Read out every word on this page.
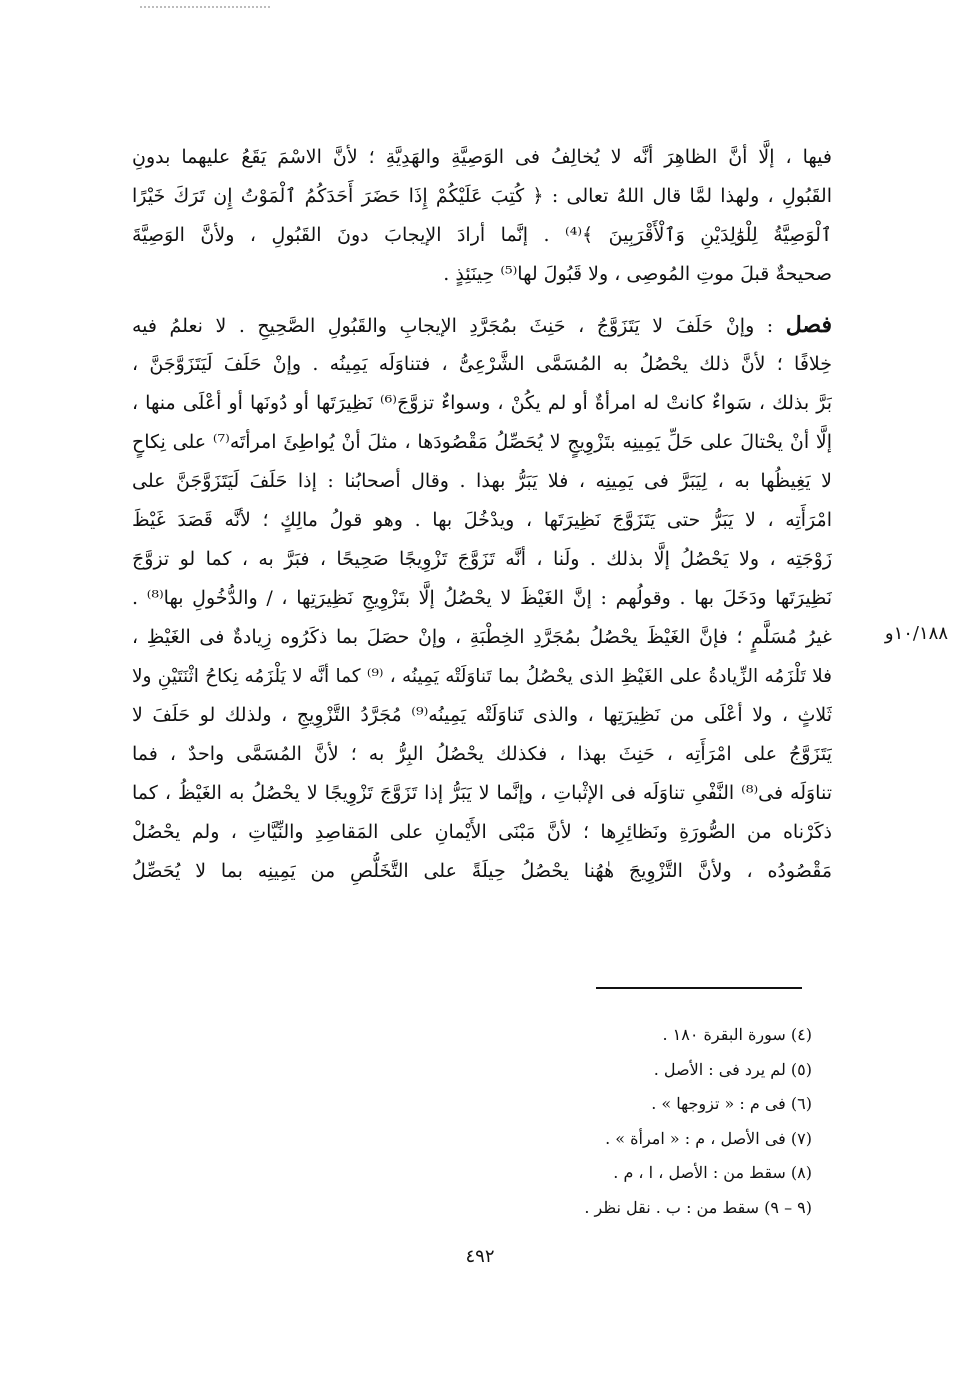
فيها ، إلَّا أنَّ الظاهِرَ أنَّه لا يُخالِفُ فى الوَصِيَّةِ والهَدِيَّةِ ؛ لأنَّ الاسْمَ يَقَعُ عليهما بدونِ
القَبُولِ ، ولهذا لمَّا قال اللهُ تعالى : ﴿ كُتِبَ عَلَيْكُمْ إِذَا حَضَرَ أَحَدَكُمُ ٱلْمَوْتُ إِن تَرَكَ خَيْرًا
ٱلْوَصِيَّةُ لِلْوَٰلِدَيْنِ وَٱلْأَقْرَبِينَ ﴾⁽⁴⁾ . إنَّما أرادَ الإيجابَ دونَ القَبُولِ ، ولأنَّ الوَصِيَّةَ
صحيحةٌ قبلَ موتِ المُوصِى ، ولا قَبُولَ لها⁽⁵⁾ حِينَئِذٍ .
فصل : وإنْ حَلَفَ لا يَتَزَوَّجُ ، حَنِثَ بمُجَرَّدِ الإيجابِ والقَبُولِ الصَّحِيحِ . لا نعلمُ فيه
خِلافًا ؛ لأنَّ ذلك يحْصُلُ به المُسَمَّى الشَّرْعِىُّ ، فتناوَلَه يَمِينُه . وإنْ حَلَفَ لَيَتَزَوَّجَنَّ ،
بَرَّ بذلك ، سَواءٌ كانتْ له امرأةٌ أو لم يكُنْ ، وسواءٌ تزوَّجَ⁽⁶⁾ نَظِيرَتَها أو دُونَها أو أعْلَى منها ،
إلَّا أنْ يحْتالَ على حَلِّ يَمِينِه بتَزْوِيجٍ لا يُحَصِّلُ مَقْصُودَها ، مثلَ أنْ يُواطِئَ امرأتَه⁽⁷⁾ على نِكاحٍ
لا يَغِيظُها به ، لِيَبَرَّ فى يَمِينِه ، فلا يَبَرُّ بهذا . وقال أصحابُنا : إذا حَلَفَ لَيَتَزَوَّجَنَّ على
امْرَأَتِه ، لا يَبَرُّ حتى يَتَزَوَّجَ نَظِيرَتَها ، ويدْخُلَ بها . وهو قولُ مالِكٍ ؛ لأنَّه قَصَدَ غَيْظَ
زَوْجَتِه ، ولا يَحْصُلُ إلَّا بذلك . ولَنا ، أنَّه تَزَوَّجَ تَزْوِيجًا صَحِيحًا ، فبَرَّ به ، كما لو تزوَّجَ
نَظِيرَتَها ودَخَلَ بها . وقولُهم : إنَّ الغَيْظَ لا يحْصُلُ إلَّا بتَزْوِيجِ نَظِيرَتِها ، / والدُّخُولِ بها⁽⁸⁾ .
غيرُ مُسَلَّمٍ ؛ فإنَّ الغَيْظَ يحْصُلُ بمُجَرَّدِ الخِطْبَةِ ، وإنْ حصَلَ بما ذكَرُوه زِيادةٌ فى الغَيْظِ ،
فلا تَلْزَمُه الزِّيادةُ على الغَيْظِ الذى يحْصُلُ بما تَناوَلَتْه يَمِينُه ، ⁽⁹⁾ كما أنَّه لا يَلْزَمُه نِكاحُ اثْنَتَيْنِ ولا
ثَلاثٍ ، ولا أعْلَى من نَظِيرَتِها ، والذى تَناوَلَتْه يَمِينُه⁽⁹⁾ مُجَرَّدُ التَّزْوِيجِ ، ولذلك لو حَلَفَ لا
يَتَزَوَّجُ على امْرَأَتِه ، حَنِثَ بهذا ، فكذلك يحْصُلُ البِرُّ به ؛ لأنَّ المُسَمَّى واحدٌ ، فما
تناوَلَه فى⁽⁸⁾ النَّفْىِ تناوَلَه فى الإثْباتِ ، وإنَّما لا يَبَرُّ إذا تَزَوَّجَ تَزْوِيجًا لا يحْصُلُ به الغَيْظُ ، كما
ذكَرْناه من الصُّورَةِ ونَظائِرِها ؛ لأنَّ مَبْنَى الأَيْمانِ على المَقاصِدِ والنِّيَّاتِ ، ولم يحْصُلْ
مَقْصُودُه ، ولأنَّ التَّزْوِيجَ هٰهُنا يحْصُلُ حِيلَةً على التَّخَلُّصِ من يَمِينِه بما لا يُحَصِّلُ
١٠/١٨٨و
(٤) سورة البقرة ١٨٠ .
(٥) لم يرد فى : الأصل .
(٦) فى م : « تزوجها » .
(٧) فى الأصل ، م : « امرأة » .
(٨) سقط من : الأصل ، ا ، م .
(٩ – ٩) سقط من : ب . نقل نظر .
٤٩٢
